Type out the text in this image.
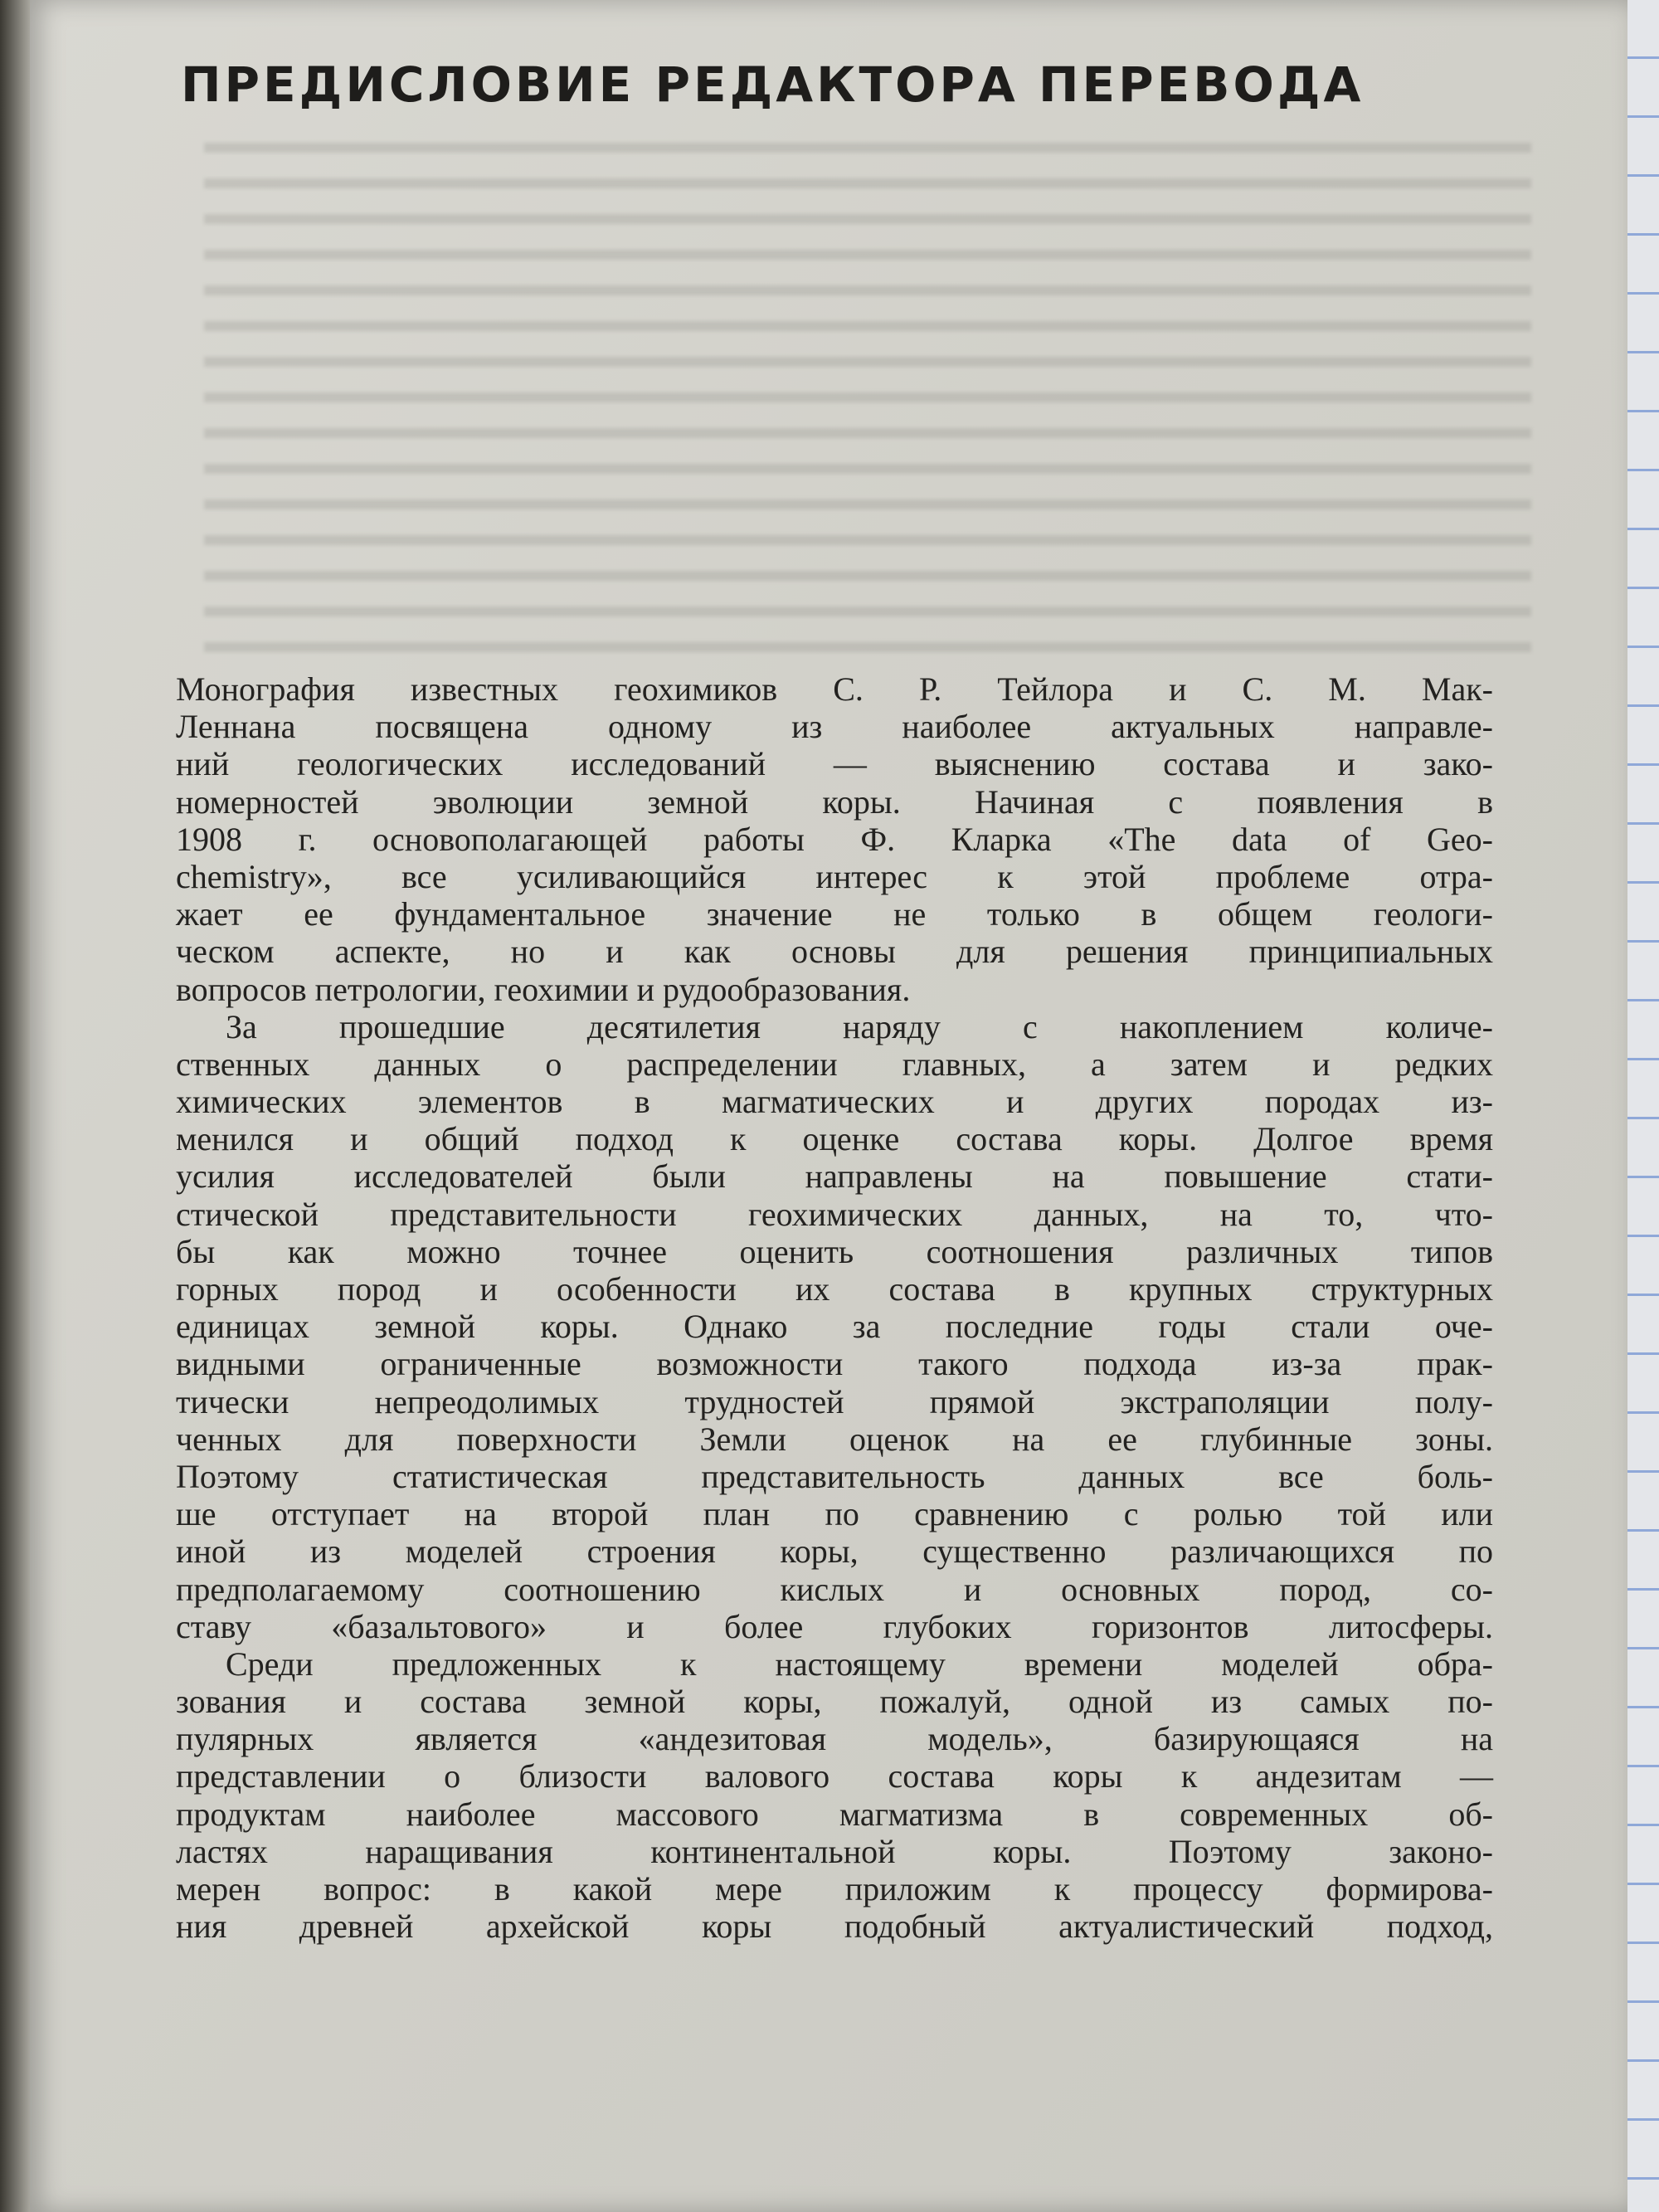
ПРЕДИСЛОВИЕ РЕДАКТОРА ПЕРЕВОДА
Монография известных геохимиков С. Р. Тейлора и С. М. Мак-
Леннана посвящена одному из наиболее актуальных направле-
ний геологических исследований — выяснению состава и зако-
номерностей эволюции земной коры. Начиная с появления в
1908 г. основополагающей работы Ф. Кларка «The data of Geo-
chemistry», все усиливающийся интерес к этой проблеме отра-
жает ее фундаментальное значение не только в общем геологи-
ческом аспекте, но и как основы для решения принципиальных
вопросов петрологии, геохимии и рудообразования.
За прошедшие десятилетия наряду с накоплением количе-
ственных данных о распределении главных, а затем и редких
химических элементов в магматических и других породах из-
менился и общий подход к оценке состава коры. Долгое время
усилия исследователей были направлены на повышение стати-
стической представительности геохимических данных, на то, что-
бы как можно точнее оценить соотношения различных типов
горных пород и особенности их состава в крупных структурных
единицах земной коры. Однако за последние годы стали оче-
видными ограниченные возможности такого подхода из-за прак-
тически непреодолимых трудностей прямой экстраполяции полу-
ченных для поверхности Земли оценок на ее глубинные зоны.
Поэтому статистическая представительность данных все боль-
ше отступает на второй план по сравнению с ролью той или
иной из моделей строения коры, существенно различающихся по
предполагаемому соотношению кислых и основных пород, со-
ставу «базальтового» и более глубоких горизонтов литосферы.
Среди предложенных к настоящему времени моделей обра-
зования и состава земной коры, пожалуй, одной из самых по-
пулярных является «андезитовая модель», базирующаяся на
представлении о близости валового состава коры к андезитам —
продуктам наиболее массового магматизма в современных об-
ластях наращивания континентальной коры. Поэтому законо-
мерен вопрос: в какой мере приложим к процессу формирова-
ния древней архейской коры подобный актуалистический подход,
